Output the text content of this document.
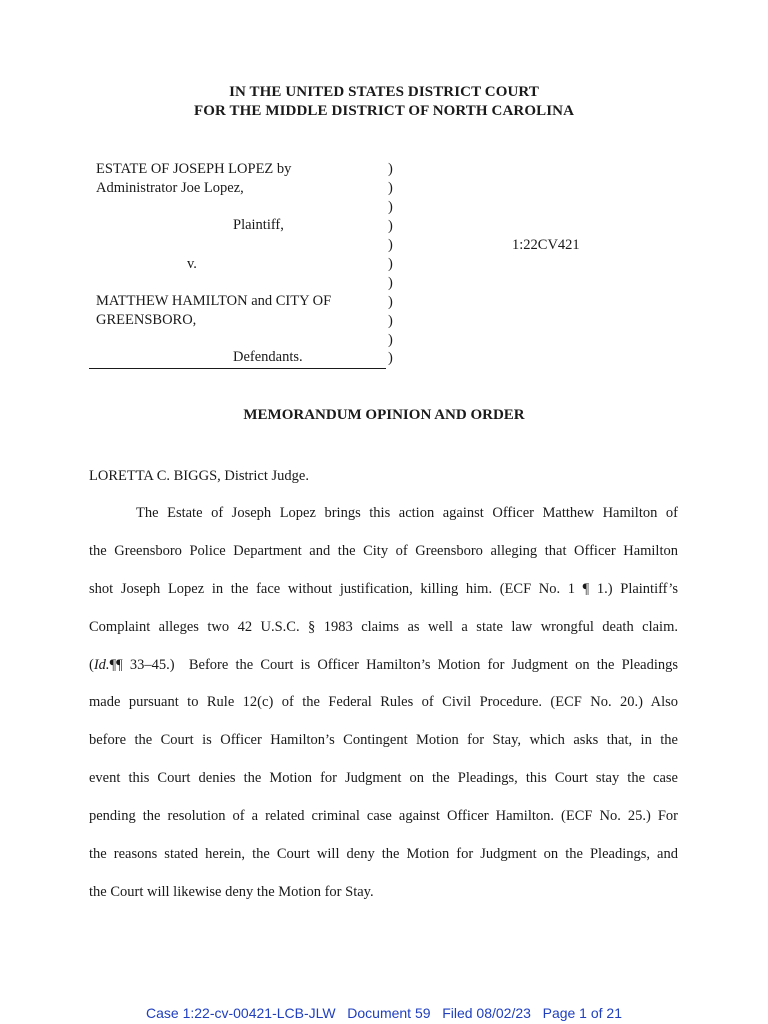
IN THE UNITED STATES DISTRICT COURT
FOR THE MIDDLE DISTRICT OF NORTH CAROLINA
ESTATE OF JOSEPH LOPEZ by
Administrator Joe Lopez,
Plaintiff,
v.
MATTHEW HAMILTON and CITY OF
GREENSBORO,
Defendants.
)
)
)
)
)
)
)
)
)
)
)
1:22CV421
MEMORANDUM OPINION AND ORDER
LORETTA C. BIGGS, District Judge.
The Estate of Joseph Lopez brings this action against Officer Matthew Hamilton of
the Greensboro Police Department and the City of Greensboro alleging that Officer Hamilton
shot Joseph Lopez in the face without justification, killing him. (ECF No. 1 ¶ 1.) Plaintiff’s
Complaint alleges two 42 U.S.C. § 1983 claims as well a state law wrongful death claim.
( Id. ¶¶ 33–45.)  Before the Court is Officer Hamilton’s Motion for Judgment on the Pleadings
made pursuant to Rule 12(c) of the Federal Rules of Civil Procedure. (ECF No. 20.) Also
before the Court is Officer Hamilton’s Contingent Motion for Stay, which asks that, in the
event this Court denies the Motion for Judgment on the Pleadings, this Court stay the case
pending the resolution of a related criminal case against Officer Hamilton. (ECF No. 25.) For
the reasons stated herein, the Court will deny the Motion for Judgment on the Pleadings, and
the Court will likewise deny the Motion for Stay.
Case 1:22-cv-00421-LCB-JLW   Document 59   Filed 08/02/23   Page 1 of 21
